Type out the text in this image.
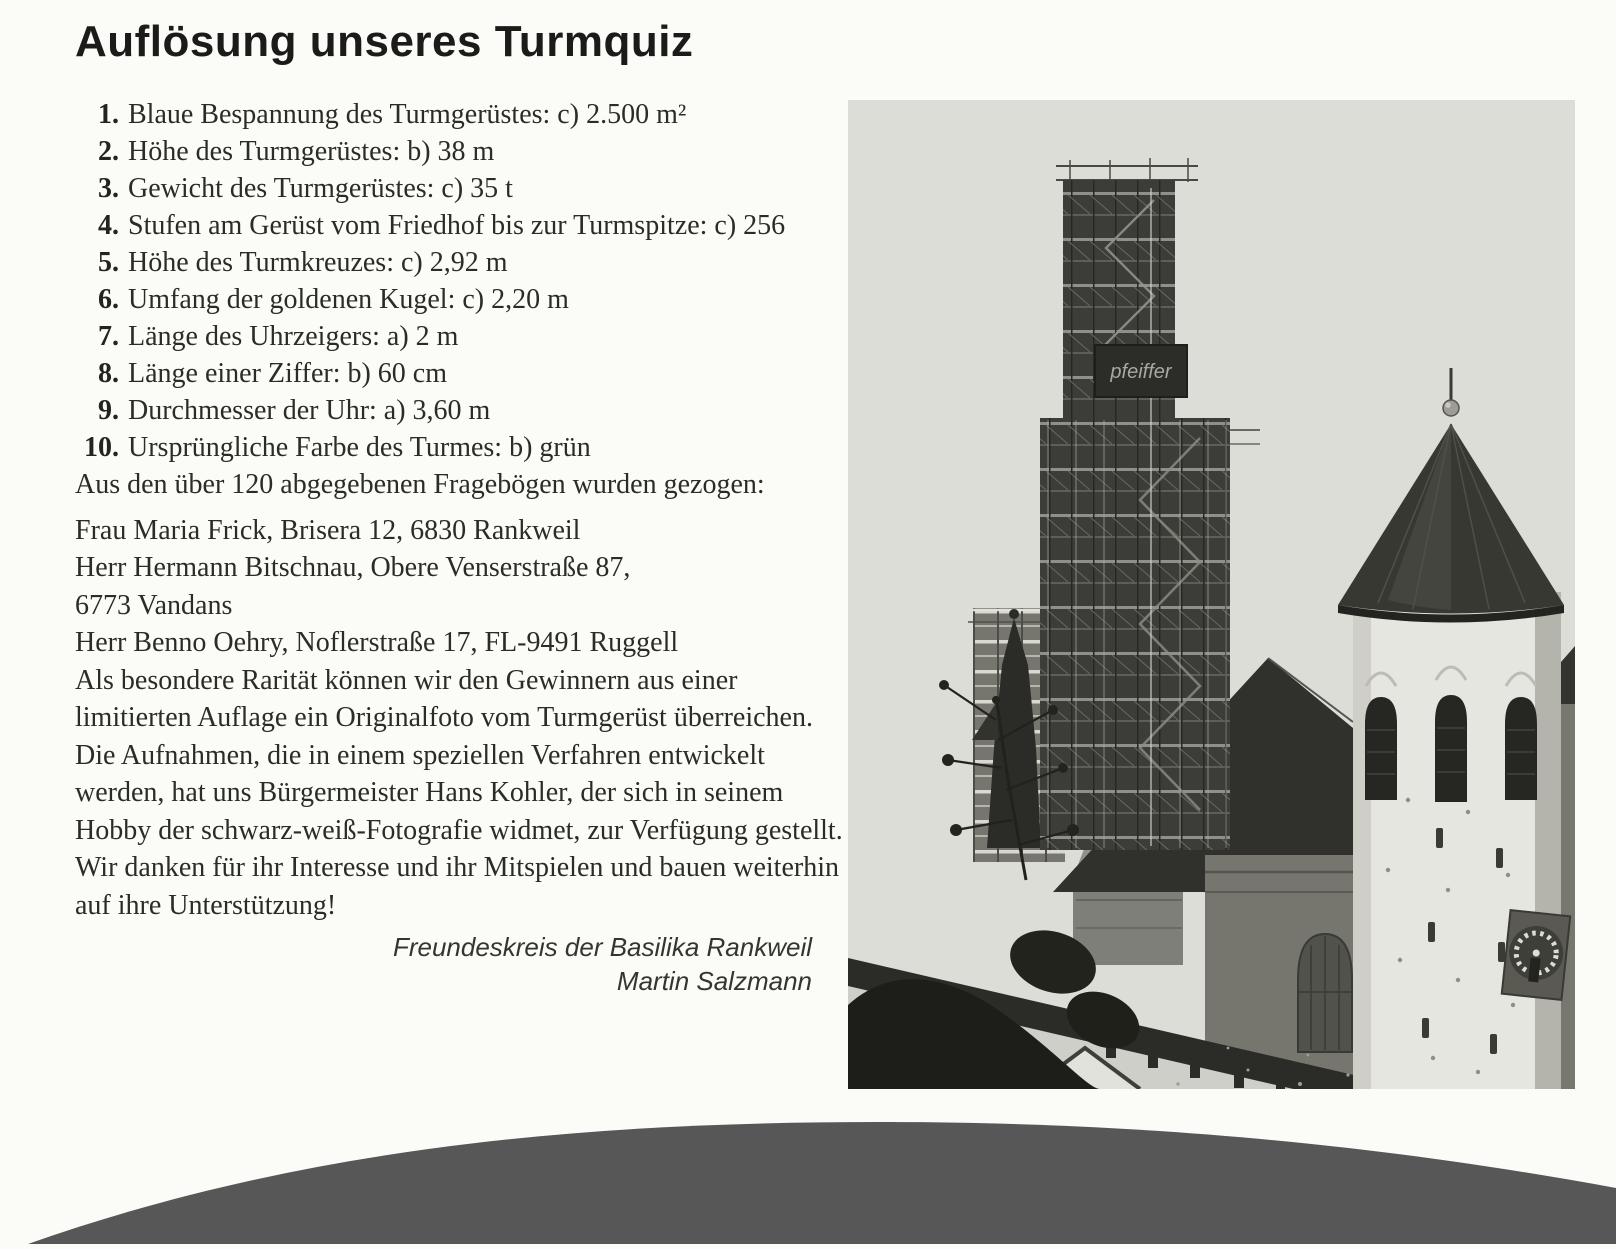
Auflösung unseres Turmquiz
1. Blaue Bespannung des Turmgerüstes: c) 2.500 m²
2. Höhe des Turmgerüstes: b) 38 m
3. Gewicht des Turmgerüstes: c) 35 t
4. Stufen am Gerüst vom Friedhof bis zur Turmspitze: c) 256
5. Höhe des Turmkreuzes: c) 2,92 m
6. Umfang der goldenen Kugel: c) 2,20 m
7. Länge des Uhrzeigers: a) 2 m
8. Länge einer Ziffer: b) 60 cm
9. Durchmesser der Uhr: a) 3,60 m
10. Ursprüngliche Farbe des Turmes: b) grün

Aus den über 120 abgegebenen Fragebögen wurden gezogen:

Frau Maria Frick, Brisera 12, 6830 Rankweil
Herr Hermann Bitschnau, Obere Venserstraße 87,
6773 Vandans
Herr Benno Oehry, Noflerstraße 17, FL-9491 Ruggell

Als besondere Rarität können wir den Gewinnern aus einer limitierten Auflage ein Originalfoto vom Turmgerüst überreichen. Die Aufnahmen, die in einem speziellen Verfahren entwickelt werden, hat uns Bürgermeister Hans Kohler, der sich in seinem Hobby der schwarz-weiß-Fotografie widmet, zur Verfügung gestellt.

Wir danken für ihr Interesse und ihr Mitspielen und bauen weiterhin auf ihre Unterstützung!

Freundeskreis der Basilika Rankweil
Martin Salzmann
pfeiffer
